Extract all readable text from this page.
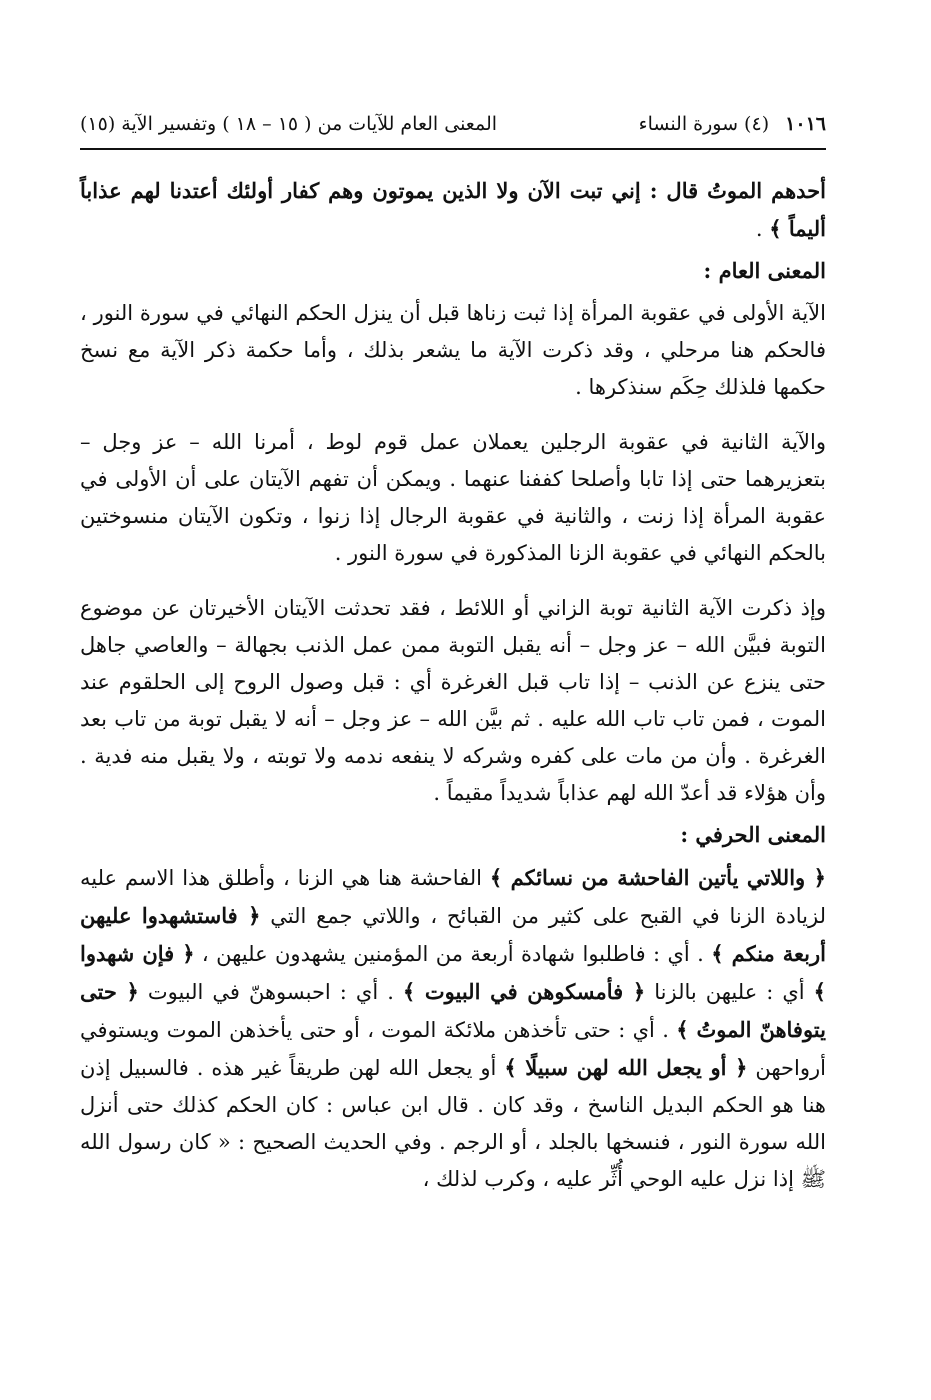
١٠١٦ (٤) سورة النساء
المعنى العام للآيات من ( ١٥ – ١٨ ) وتفسير الآية (١٥)

أحدهم الموتُ قال : إني تبت الآن ولا الذين يموتون وهم كفار أولئك أعتدنا لهم عذاباً أليماً ﴾ .

المعنى العام :

الآية الأولى في عقوبة المرأة إذا ثبت زناها قبل أن ينزل الحكم النهائي في سورة النور ، فالحكم هنا مرحلي ، وقد ذكرت الآية ما يشعر بذلك ، وأما حكمة ذكر الآية مع نسخ حكمها فلذلك حِكَم سنذكرها .

والآية الثانية في عقوبة الرجلين يعملان عمل قوم لوط ، أمرنا الله – عز وجل – بتعزيرهما حتى إذا تابا وأصلحا كففنا عنهما . ويمكن أن تفهم الآيتان على أن الأولى في عقوبة المرأة إذا زنت ، والثانية في عقوبة الرجال إذا زنوا ، وتكون الآيتان منسوختين بالحكم النهائي في عقوبة الزنا المذكورة في سورة النور .

وإذ ذكرت الآية الثانية توبة الزاني أو اللائط ، فقد تحدثت الآيتان الأخيرتان عن موضوع التوبة فبيَّن الله – عز وجل – أنه يقبل التوبة ممن عمل الذنب بجهالة – والعاصي جاهل حتى ينزع عن الذنب – إذا تاب قبل الغرغرة أي : قبل وصول الروح إلى الحلقوم عند الموت ، فمن تاب تاب الله عليه . ثم بيَّن الله – عز وجل – أنه لا يقبل توبة من تاب بعد الغرغرة . وأن من مات على كفره وشركه لا ينفعه ندمه ولا توبته ، ولا يقبل منه فدية . وأن هؤلاء قد أعدّ الله لهم عذاباً شديداً مقيماً .

المعنى الحرفي :

﴿ واللاتي يأتين الفاحشة من نسائكم ﴾ الفاحشة هنا هي الزنا ، وأطلق هذا الاسم عليه لزيادة الزنا في القبح على كثير من القبائح ، واللاتي جمع التي ﴿ فاستشهدوا عليهن أربعة منكم ﴾ . أي : فاطلبوا شهادة أربعة من المؤمنين يشهدون عليهن ، ﴿ فإن شهدوا ﴾ أي : عليهن بالزنا ﴿ فأمسكوهن في البيوت ﴾ . أي : احبسوهنّ في البيوت ﴿ حتى يتوفاهنّ الموتُ ﴾ . أي : حتى تأخذهن ملائكة الموت ، أو حتى يأخذهن الموت ويستوفي أرواحهن ﴿ أو يجعل الله لهن سبيلًا ﴾ أو يجعل الله لهن طريقاً غير هذه . فالسبيل إذن هنا هو الحكم البديل الناسخ ، وقد كان . قال ابن عباس : كان الحكم كذلك حتى أنزل الله سورة النور ، فنسخها بالجلد ، أو الرجم . وفي الحديث الصحيح : « كان رسول الله ﷺ إذا نزل عليه الوحي أُثِّر عليه ، وكرب لذلك ،
